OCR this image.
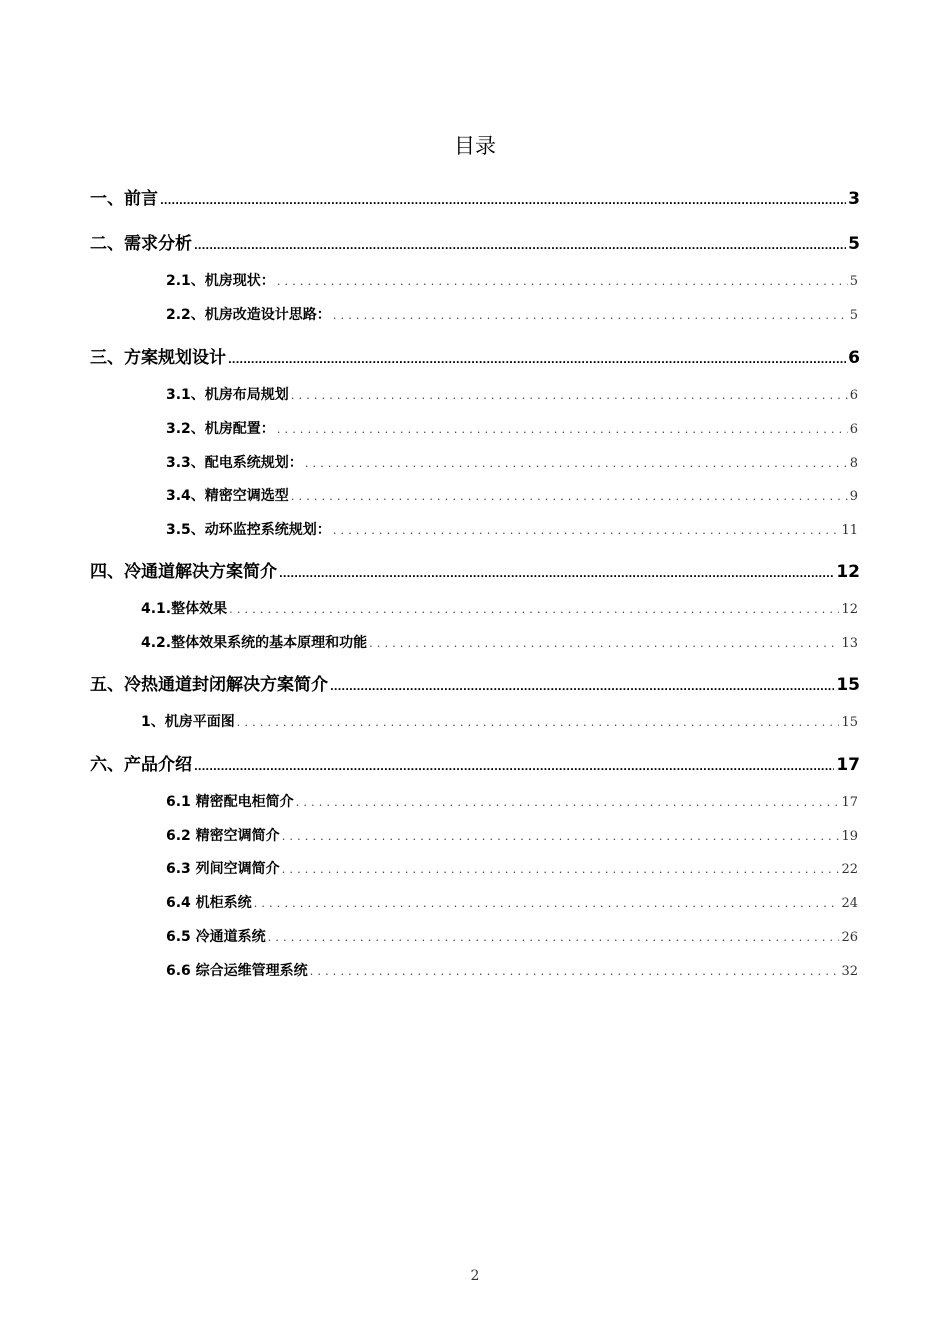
目录
一、前言 .....	3
二、需求分析 .....	5
2.1、机房现状： .....	5
2.2、机房改造设计思路： .....	5
三、方案规划设计 .....	6
3.1、机房布局规划 .....	6
3.2、机房配置： .....	6
3.3、配电系统规划： .....	8
3.4、精密空调选型 .....	9
3.5、动环监控系统规划： .....	11
四、冷通道解决方案简介 .....	12
4.1.整体效果 .....	12
4.2.整体效果系统的基本原理和功能 .....	13
五、冷热通道封闭解决方案简介 .....	15
1、机房平面图 .....	15
六、产品介绍 .....	17
6.1 精密配电柜简介 .....	17
6.2 精密空调简介 .....	19
6.3 列间空调简介 .....	22
6.4 机柜系统 .....	24
6.5 冷通道系统 .....	26
6.6 综合运维管理系统 .....	32
2
